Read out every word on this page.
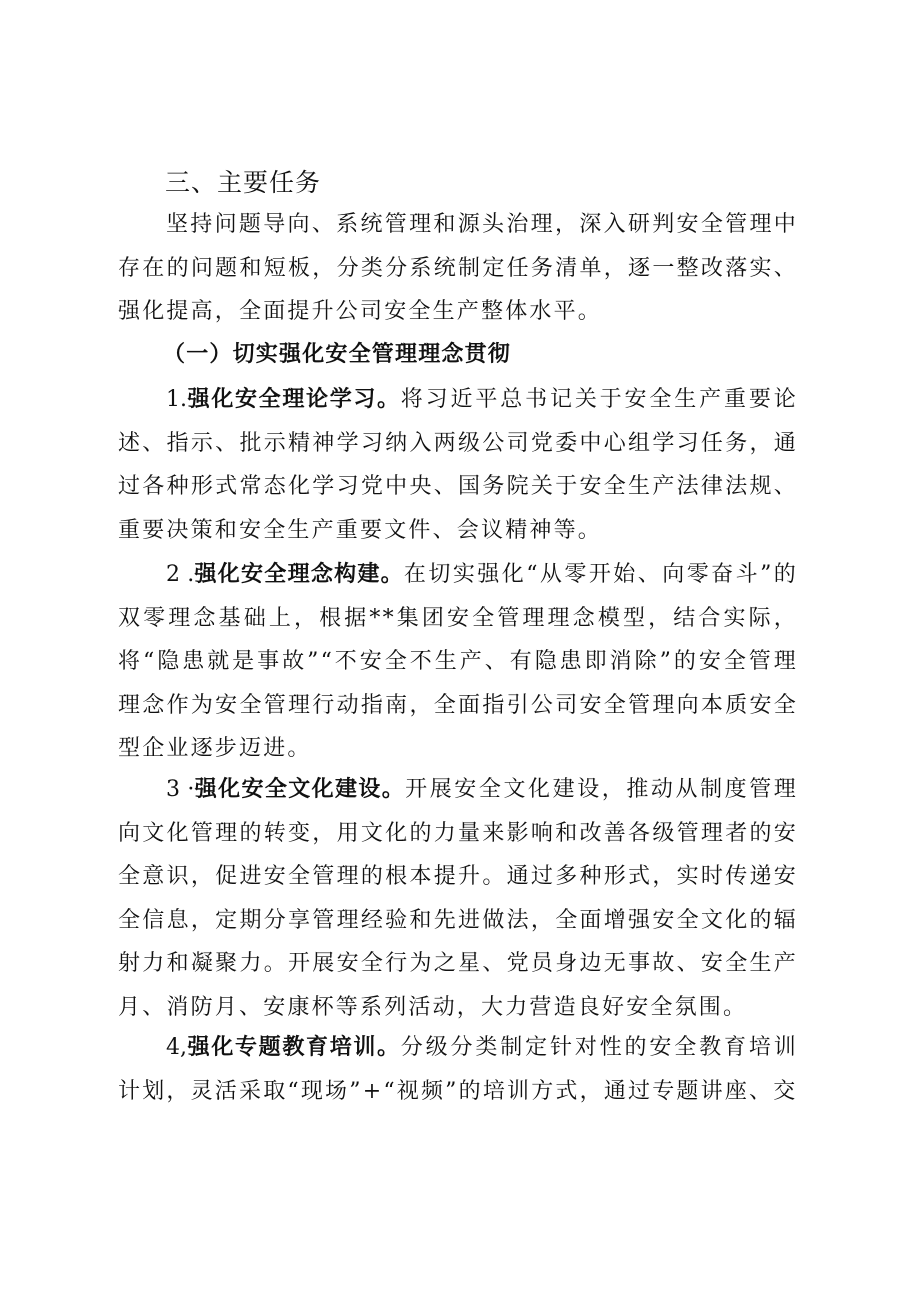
三、主要任务

坚持问题导向、系统管理和源头治理，深入研判安全管理中存在的问题和短板，分类分系统制定任务清单，逐一整改落实、强化提高，全面提升公司安全生产整体水平。

（一）切实强化安全管理理念贯彻

1.强化安全理论学习。将习近平总书记关于安全生产重要论述、指示、批示精神学习纳入两级公司党委中心组学习任务，通过各种形式常态化学习党中央、国务院关于安全生产法律法规、重要决策和安全生产重要文件、会议精神等。

2 .强化安全理念构建。在切实强化“从零开始、向零奋斗”的双零理念基础上，根据**集团安全管理理念模型，结合实际，将“隐患就是事故”“不安全不生产、有隐患即消除”的安全管理理念作为安全管理行动指南，全面指引公司安全管理向本质安全型企业逐步迈进。

3 ·强化安全文化建设。开展安全文化建设，推动从制度管理向文化管理的转变，用文化的力量来影响和改善各级管理者的安全意识，促进安全管理的根本提升。通过多种形式，实时传递安全信息，定期分享管理经验和先进做法，全面增强安全文化的辐射力和凝聚力。开展安全行为之星、党员身边无事故、安全生产月、消防月、安康杯等系列活动，大力营造良好安全氛围。

4,强化专题教育培训。分级分类制定针对性的安全教育培训计划，灵活采取“现场”+“视频”的培训方式，通过专题讲座、交
